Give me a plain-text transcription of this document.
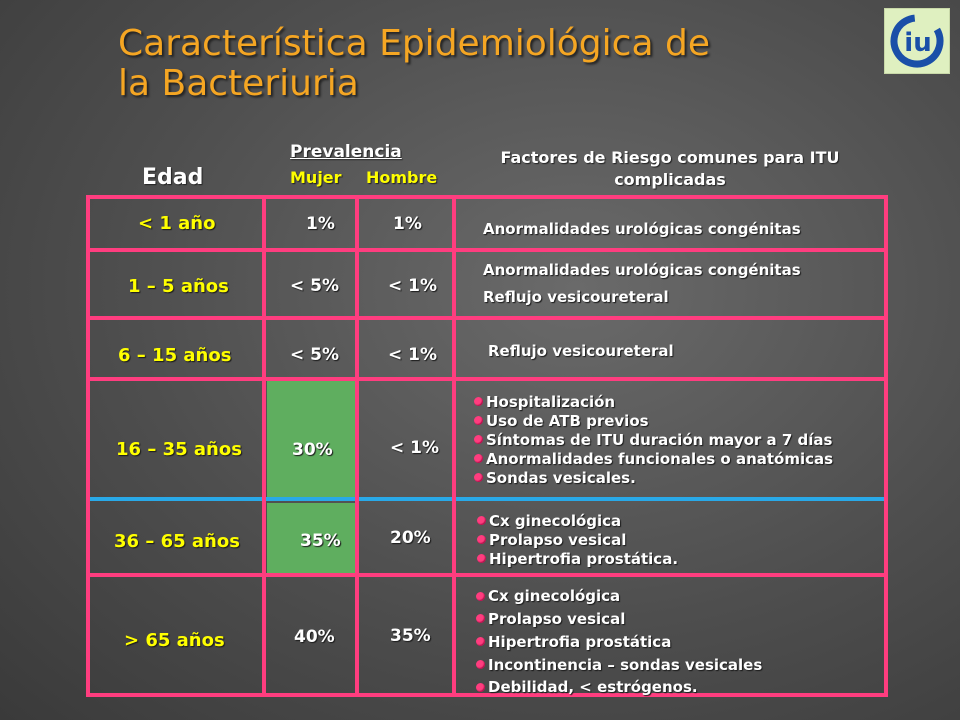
Característica Epidemiológica de
la Bacteriuria
iu
Edad
Prevalencia
Mujer Hombre
Factores de Riesgo comunes para ITU
complicadas
< 1 año	1%	1%	Anormalidades urológicas congénitas
1 – 5 años	< 5%	< 1%
Anormalidades urológicas congénitas
Reflujo vesicoureteral
6 – 15 años	< 5%	< 1%	Reflujo vesicoureteral
16 – 35 años	30%	< 1%
Hospitalización
Uso de ATB previos
Síntomas de ITU duración mayor a 7 días
Anormalidades funcionales o anatómicas
Sondas vesicales.
36 – 65 años	35%	20%
Cx ginecológica
Prolapso vesical
Hipertrofia prostática.
> 65 años	40%	35%
Cx ginecológica
Prolapso vesical
Hipertrofia prostática
Incontinencia – sondas vesicales
Debilidad, < estrógenos.
